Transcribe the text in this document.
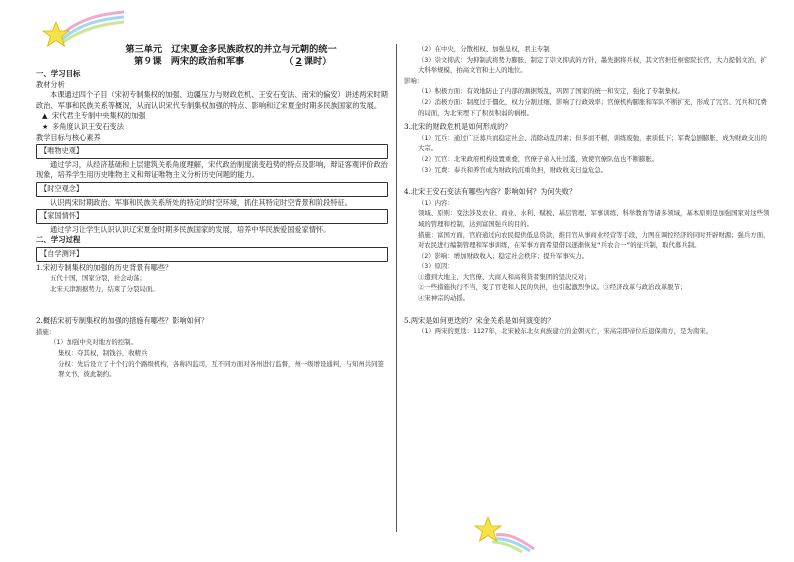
第三单元　辽宋夏金多民族政权的并立与元朝的统一
第９课　两宋的政治和军事	（ 2 课时）
一、学习目标
教材分析
本课通过四个子目（宋初专制集权的加强、边疆压力与财政危机、王安石变法、南宋的偏安）讲述两宋时期政治、军事和民族关系等概况，从而认识宋代专制集权加强的特点、影响和辽宋夏金时期多民族国家的发展。
▲ 宋代君主专制中央集权的加强
★ 多角度认识王安石变法
教学目标与核心素养
【唯物史观】
通过学习，从经济基础和上层建筑关系角度理解，宋代政治制度演变趋势的特点及影响，辩证客观评价政治现象，培养学生用历史唯物主义和辩证唯物主义分析历史问题的能力。
【时空观念】
认识两宋时期政治、军事和民族关系所处的特定的时空环境，抓住其特定时空背景和阶段特征。
【家国情怀】
通过学习让学生认识认识辽宋夏金时期多民族国家的发展，培养中华民族爱国爱家情怀。
二、学习过程
【自学测评】
1.宋初专制集权的加强的历史背景有哪些？
五代十国，国家分裂，社会动荡；
北宋天津割据势力，结束了分裂局面。
2.概括宋初专制集权的加强的措施有哪些？影响如何？
措施：
（1）加强中央对地方的控制。
集权：夺其权，制钱谷，收精兵
分权：先后设立了十个行的个路级机构，各称四监司，互不同方面对各州进行监督，州一级增设通判，与知州共同签署文书，彼此制约。
（2）在中央，分散相权、加强皇权，君主专制
（3）崇文抑武：为抑制武将势力膨胀，制定了崇文抑武的方针，墨先据将兵权，其文官担任枢密院长官，大力提倡文治，扩大科举规模，拍高文官和士人的地位。
影响：
（1）积极方面：有效地防止了内部的割据叛乱，巩固了国家的统一和安定，强化了专制集权。
（2）消极方面：制度过于僵化，权力分割过细，影响了行政效率；官僚机构膨胀和军队不断扩充，形成了冗官、冗兵和冗费的局面，为北宋埋下了积贫积弱的祸根。
3.北宋的财政危机是如何形成的？
（1）冗兵：通过广泛募兵而稳定社会、消除动乱因素；但多而不精，训练废弛，素质低下；军费急剧膨胀，成为财政支出的大宗。
（2）冗官：北宋政府机构设置重叠，官僚子弟入仕过滥，致使官僚队伍也不断膨胀。
（3）冗费：奉兵和养官成为财政的沉重负担，财政收支日益危急。
4.北宋王安石变法有哪些内容？影响如何？为何失败？
（1）内容：
领域、原则：变法涉及农业、商业、水利、赋税、基层管理、军事训练、科举教育等诸多领域，基本原则是加强国家对这些领域的管理和控制，达到富国强兵的目的。
措施：富国方面，官府通过向农民提供低息贷款，推目官从事商业经营等手段，力图在调控经济的同时开辟财源；强兵方面，对农民进行编制管理和军事训练，在军事方面希望借以逐渐恢复“兵农合一”的征兵制，取代募兵制。
（2）影响：增加财政收入；稳定社会秩序；提升军事实力。
（3）原因：
①遭到大地主、大官僚、大商人和高利贷者集团的坚决反对；
②一些措施执行不当，变了官吏和人民的负担，也引起激烈争议。③经济改革与政治改革脱节；
④宋神宗的动摇。
5.两宋是如何更迭的？宋金关系是如何演变的？
（1）两宋的更迭：1127年，北宋被东北女真族建立的金朝灭亡，宋高宗即帝位后退保南方，是为南宋。
